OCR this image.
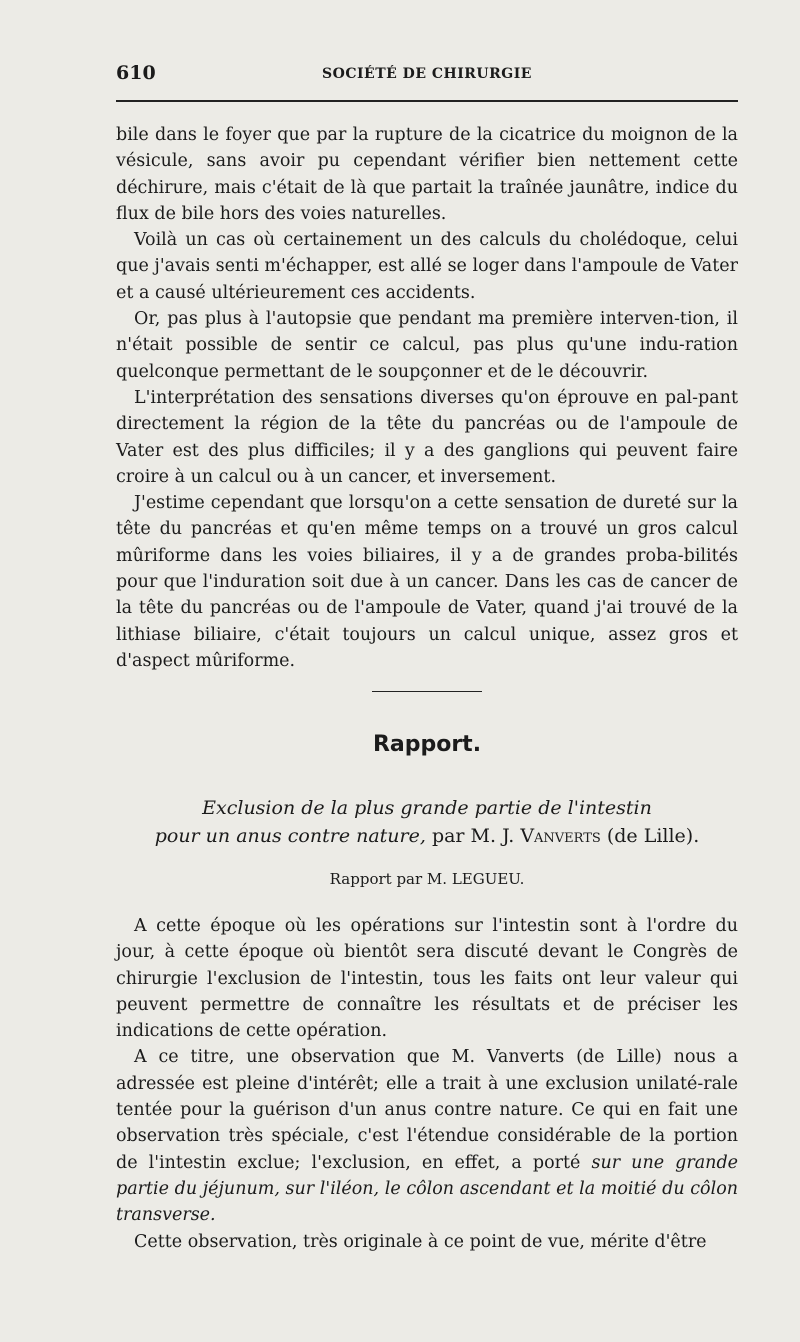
610	SOCIÉTÉ DE CHIRURGIE

bile dans le foyer que par la rupture de la cicatrice du moignon de la vésicule, sans avoir pu cependant vérifier bien nettement cette déchirure, mais c'était de là que partait la traînée jaunâtre, indice du flux de bile hors des voies naturelles.

Voilà un cas où certainement un des calculs du cholédoque, celui que j'avais senti m'échapper, est allé se loger dans l'ampoule de Vater et a causé ultérieurement ces accidents.

Or, pas plus à l'autopsie que pendant ma première interven-tion, il n'était possible de sentir ce calcul, pas plus qu'une indu-ration quelconque permettant de le soupçonner et de le découvrir.

L'interprétation des sensations diverses qu'on éprouve en pal-pant directement la région de la tête du pancréas ou de l'ampoule de Vater est des plus difficiles; il y a des ganglions qui peuvent faire croire à un calcul ou à un cancer, et inversement.

J'estime cependant que lorsqu'on a cette sensation de dureté sur la tête du pancréas et qu'en même temps on a trouvé un gros calcul mûriforme dans les voies biliaires, il y a de grandes proba-bilités pour que l'induration soit due à un cancer. Dans les cas de cancer de la tête du pancréas ou de l'ampoule de Vater, quand j'ai trouvé de la lithiase biliaire, c'était toujours un calcul unique, assez gros et d'aspect mûriforme.

Rapport.
Exclusion de la plus grande partie de l'intestin
pour un anus contre nature, par M. J. Vanverts (de Lille).
Rapport par M. LEGUEU.

A cette époque où les opérations sur l'intestin sont à l'ordre du jour, à cette époque où bientôt sera discuté devant le Congrès de chirurgie l'exclusion de l'intestin, tous les faits ont leur valeur qui peuvent permettre de connaître les résultats et de préciser les indications de cette opération.

A ce titre, une observation que M. Vanverts (de Lille) nous a adressée est pleine d'intérêt; elle a trait à une exclusion unilaté-rale tentée pour la guérison d'un anus contre nature. Ce qui en fait une observation très spéciale, c'est l'étendue considérable de la portion de l'intestin exclue; l'exclusion, en effet, a porté sur une grande partie du jéjunum, sur l'iléon, le côlon ascendant et la moitié du côlon transverse.

Cette observation, très originale à ce point de vue, mérite d'être
